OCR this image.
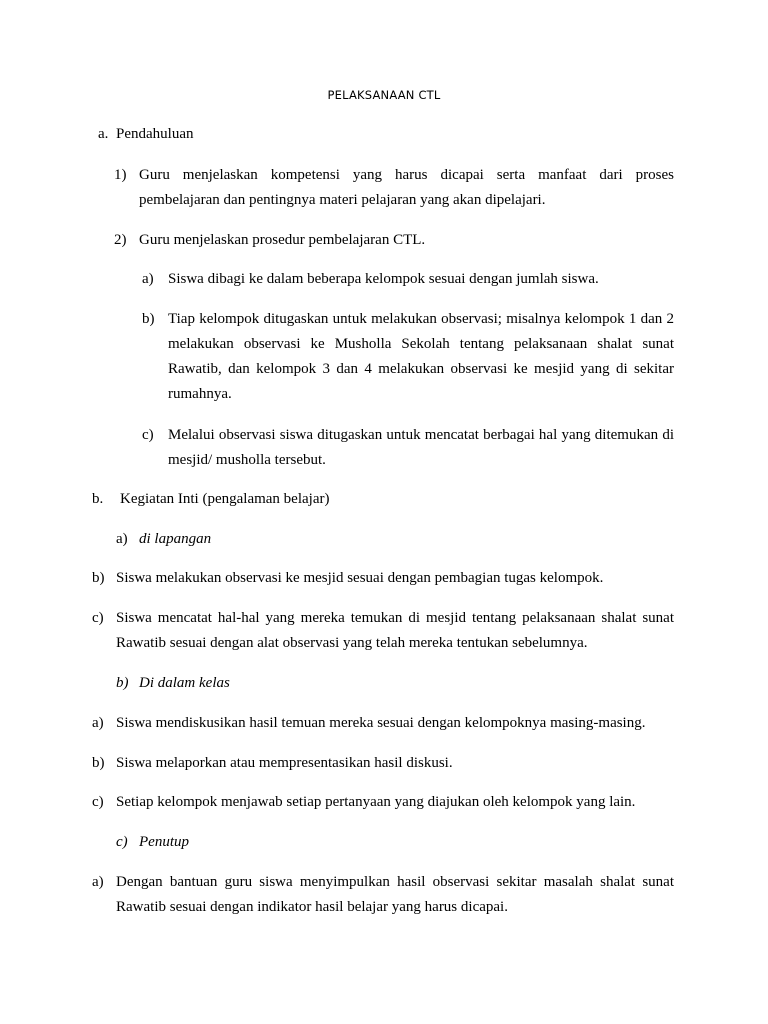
PELAKSANAAN CTL
a. Pendahuluan
1) Guru menjelaskan kompetensi yang harus dicapai serta manfaat dari proses pembelajaran dan pentingnya materi pelajaran yang akan dipelajari.
2) Guru menjelaskan prosedur pembelajaran CTL.
a) Siswa dibagi ke dalam beberapa kelompok sesuai dengan jumlah siswa.
b) Tiap kelompok ditugaskan untuk melakukan observasi; misalnya kelompok 1 dan 2 melakukan observasi ke Musholla Sekolah tentang pelaksanaan shalat sunat Rawatib, dan kelompok 3 dan 4 melakukan observasi ke mesjid yang di sekitar rumahnya.
c) Melalui observasi siswa ditugaskan untuk mencatat berbagai hal yang ditemukan di mesjid/ musholla tersebut.
b. Kegiatan Inti (pengalaman belajar)
a) di lapangan
b) Siswa melakukan observasi ke mesjid sesuai dengan pembagian tugas kelompok.
c) Siswa mencatat hal-hal yang mereka temukan di mesjid tentang pelaksanaan shalat sunat Rawatib sesuai dengan alat observasi yang telah mereka tentukan sebelumnya.
b) Di dalam kelas
a) Siswa mendiskusikan hasil temuan mereka sesuai dengan kelompoknya masing-masing.
b) Siswa melaporkan atau mempresentasikan hasil diskusi.
c) Setiap kelompok menjawab setiap pertanyaan yang diajukan oleh kelompok yang lain.
c) Penutup
a) Dengan bantuan guru siswa menyimpulkan hasil observasi sekitar masalah shalat sunat Rawatib sesuai dengan indikator hasil belajar yang harus dicapai.
